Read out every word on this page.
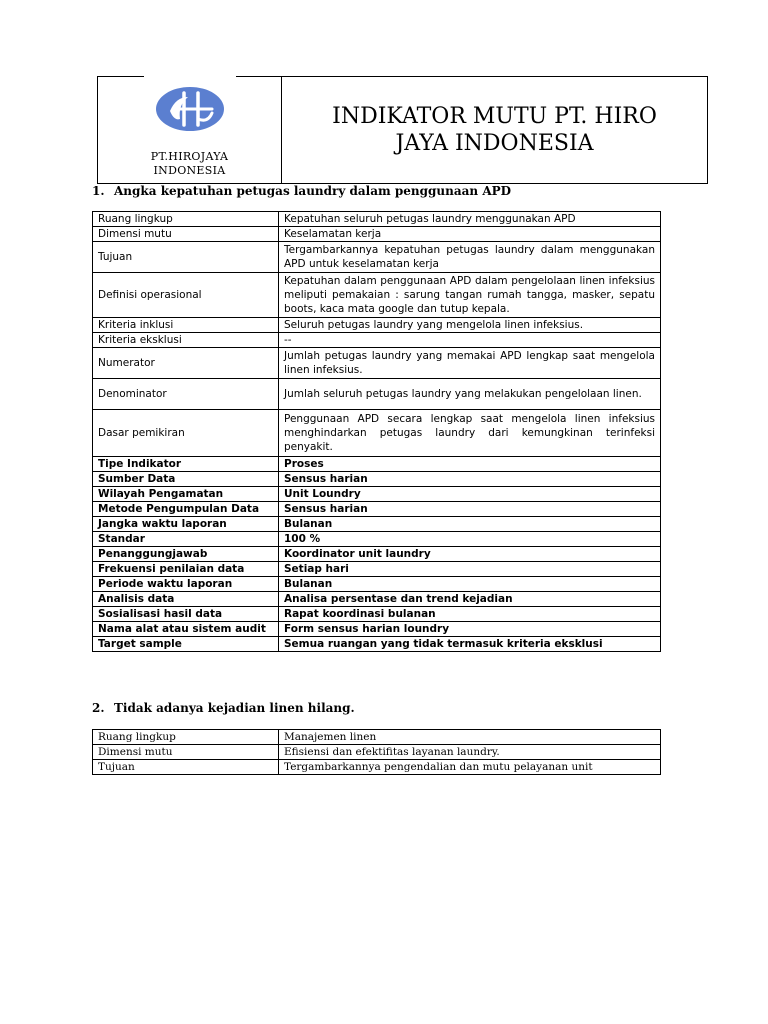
PT.HIROJAYA
INDONESIA
INDIKATOR MUTU PT. HIRO
JAYA INDONESIA
1. Angka kepatuhan petugas laundry dalam penggunaan APD
Ruang lingkup	Kepatuhan seluruh petugas laundry menggunakan APD
Dimensi mutu	Keselamatan kerja
Tujuan	Tergambarkannya kepatuhan petugas laundry dalam menggunakan APD untuk keselamatan kerja
Definisi operasional	Kepatuhan dalam penggunaan APD dalam pengelolaan linen infeksius meliputi pemakaian : sarung tangan rumah tangga, masker, sepatu boots, kaca mata google dan tutup kepala.
Kriteria inklusi	Seluruh petugas laundry yang mengelola linen infeksius.
Kriteria eksklusi	--
Numerator	Jumlah petugas laundry yang memakai APD lengkap saat mengelola linen infeksius.
Denominator	Jumlah seluruh petugas laundry yang melakukan pengelolaan linen.
Dasar pemikiran	Penggunaan APD secara lengkap saat mengelola linen infeksius menghindarkan petugas laundry dari kemungkinan terinfeksi penyakit.
Tipe Indikator	Proses
Sumber Data	Sensus harian
Wilayah Pengamatan	Unit Loundry
Metode Pengumpulan Data	Sensus harian
Jangka waktu laporan	Bulanan
Standar	100 %
Penanggungjawab	Koordinator unit laundry
Frekuensi penilaian data	Setiap hari
Periode waktu laporan	Bulanan
Analisis data	Analisa persentase dan trend kejadian
Sosialisasi hasil data	Rapat koordinasi bulanan
Nama alat atau sistem audit	Form sensus harian loundry
Target sample	Semua ruangan yang tidak termasuk kriteria eksklusi
2. Tidak adanya kejadian linen hilang.
Ruang lingkup	Manajemen linen
Dimensi mutu	Efisiensi dan efektifitas layanan laundry.
Tujuan	Tergambarkannya pengendalian dan mutu pelayanan unit
